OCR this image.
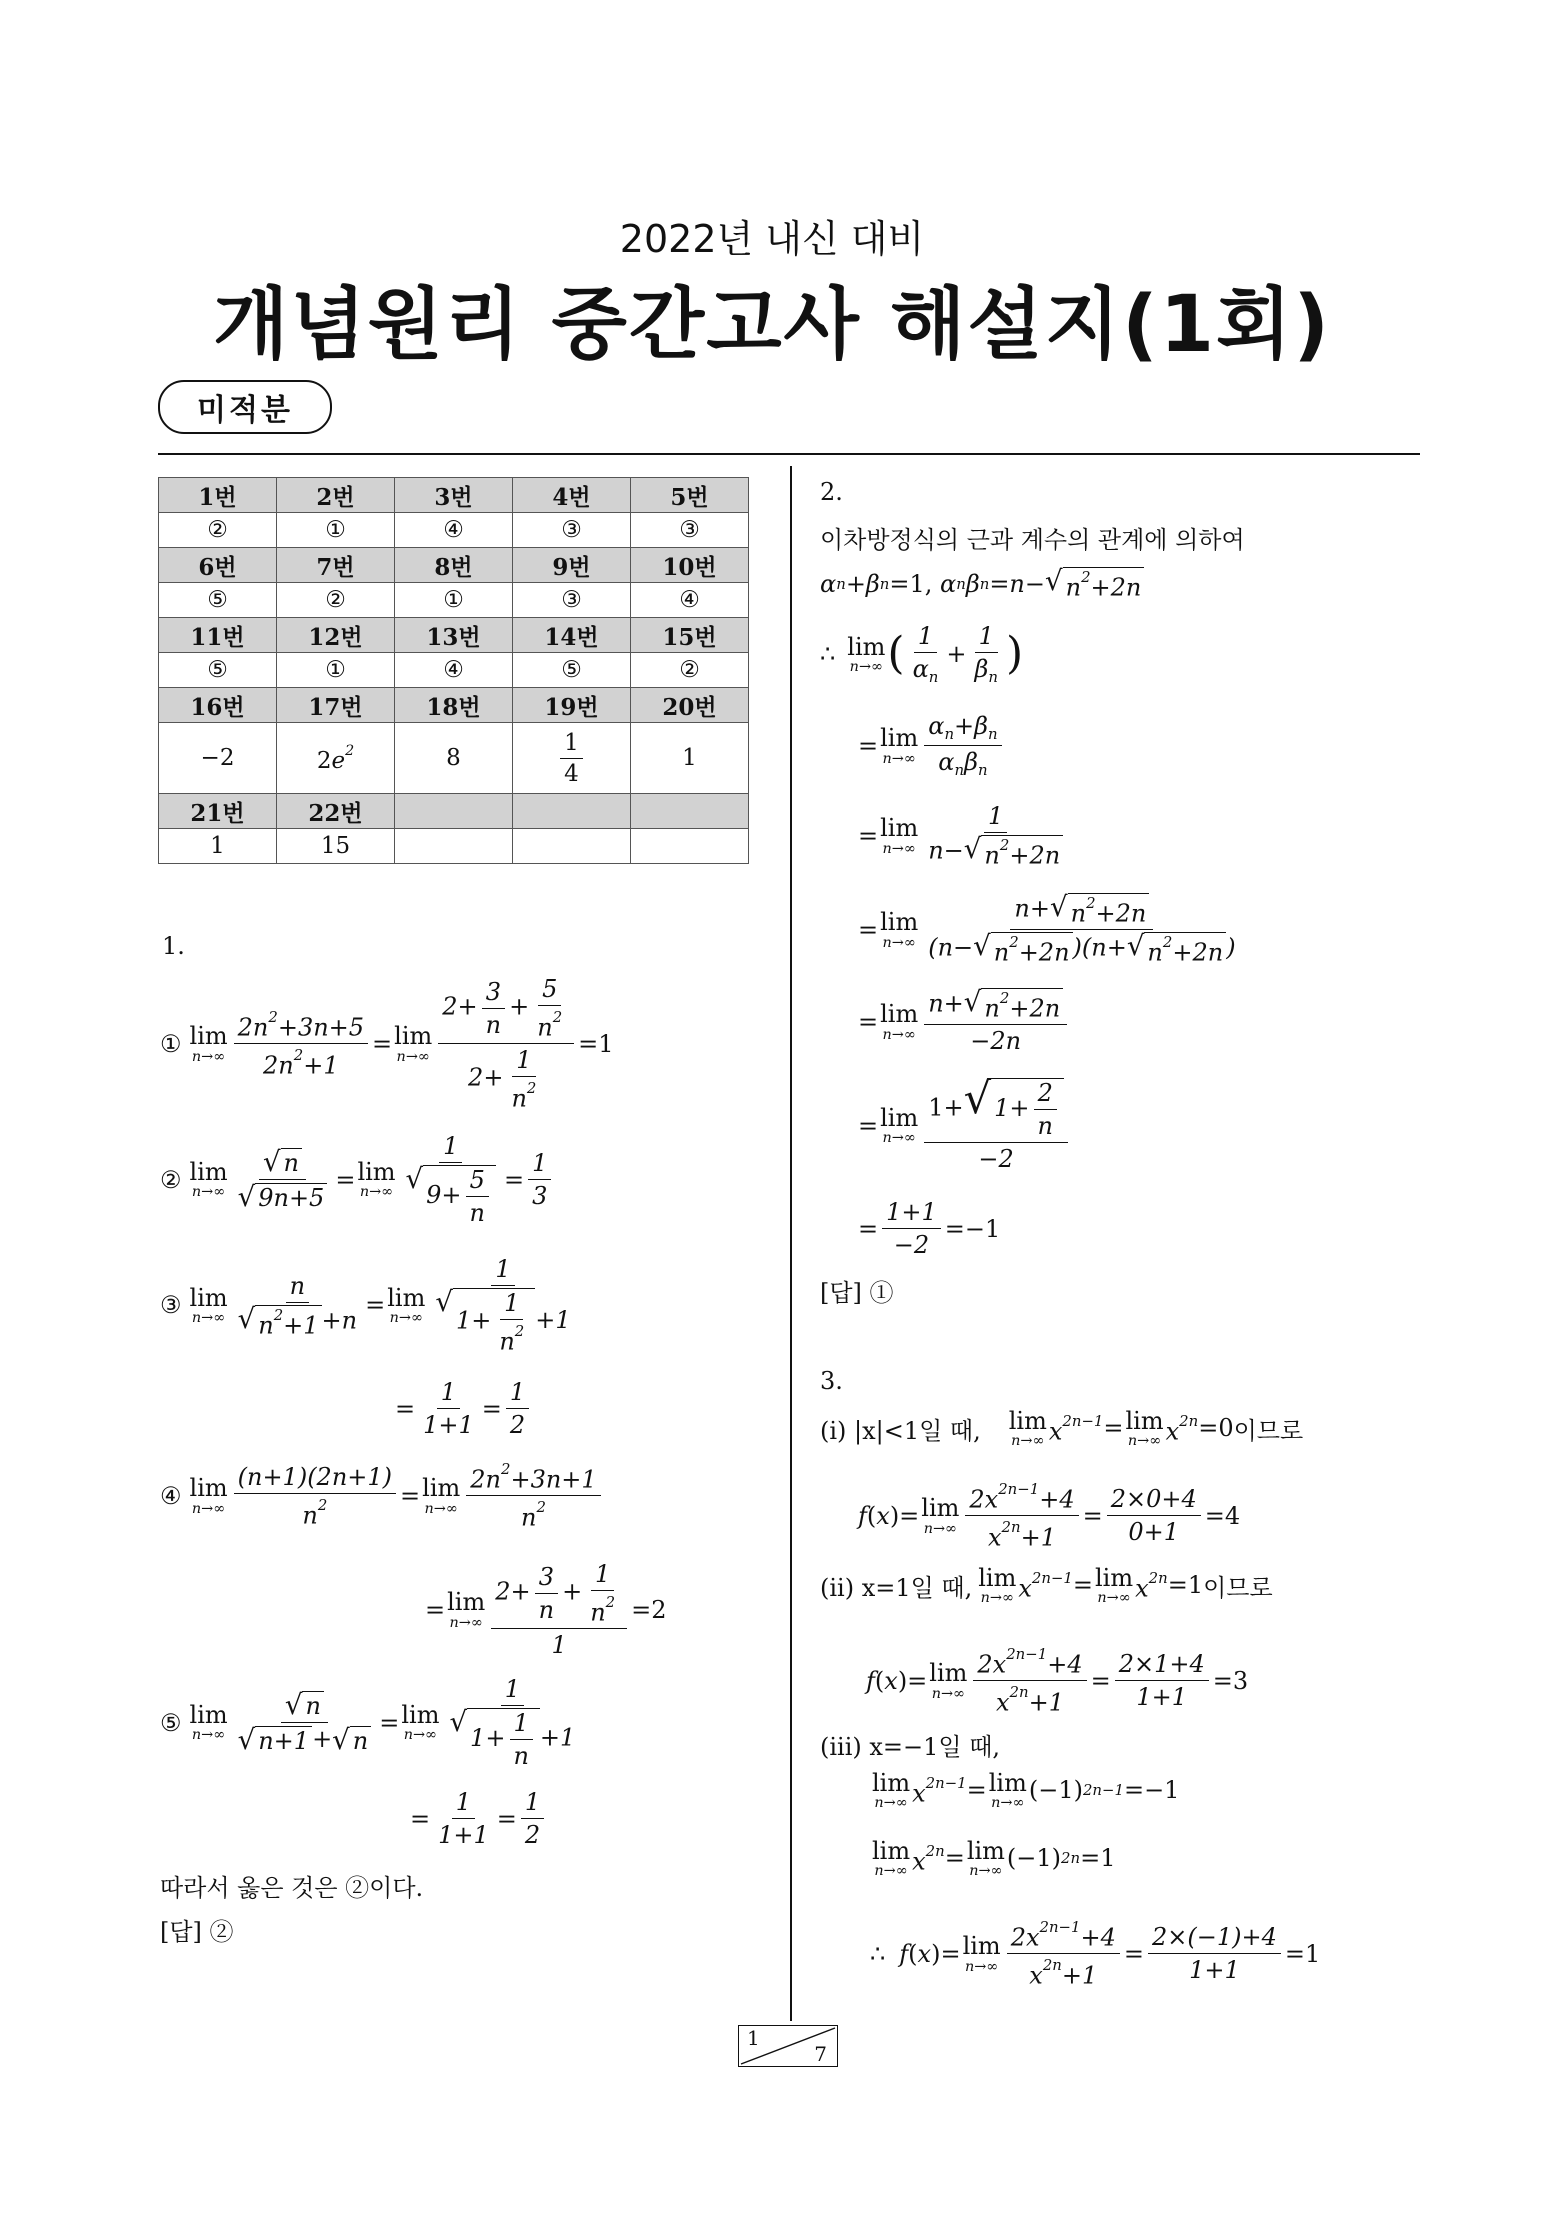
2022년 내신 대비
개념원리 중간고사 해설지(1회)
미적분
1번	2번	3번	4번	5번
②	①	④	③	③
6번	7번	8번	9번	10번
⑤	②	①	③	④
11번	12번	13번	14번	15번
⑤	①	④	⑤	②
16번	17번	18번	19번	20번
−2	$2e^2$	8	$\frac{1}{4}$	1
21번	22번			
1	15			
1.
① lim
$n\to\infty \frac{2n^2+3n+5}{2n^2+1} = \lim$
$n\to\infty \frac{2+ \frac{3}{n} + \frac{5}{n^2}}{2+ \frac{1}{n^2}} =1$
② lim
$n\to\infty \frac{√ n}{√ 9n+5} = \lim$
$n\to\infty \frac{1}{√ 9+ \frac{5}{n}} = \frac{1}{3}$
③ lim
$n\to\infty \frac{n}{√ n^2+1 +n} = \lim$
n→∞ 1
√
$1+ \frac{1}{n^2} +1$
= $\frac{1}{1+1} = \frac{1}{2}$
④ lim
$n\to\infty \frac{(n+1)(2n+1)}{n^2} = \lim$
$n\to\infty \frac{2n^2+3n+1}{n^2}$
= lim
$n\to\infty \frac{2+ \frac{3}{n} + \frac{1}{n^2}}{1} =2$
⑤ lim
$n\to\infty \frac{√ n}{√ n+1 + √ n} = \lim$
$n\to\infty \frac{1}{√ 1+ \frac{1}{n} +1}$
= $\frac{1}{1+1} = \frac{1}{2}$
따라서 옳은 것은 ②이다.
[답] ②
2.
이차방정식의 근과 계수의 관계에 의하여
α n + β n =1, α n β n = n − √ $n^2+2n$
∴ lim
n→∞ ( $\frac{1}{\alpha_n} + \frac{1}{\beta_n}$ )
= lim
$n\to\infty \frac{\alpha_n+\beta_n}{\alpha_n\beta_n}$
= lim
$n\to\infty \frac{1}{n- √ n^2+2n}$
= lim
$n\to\infty \frac{n+ √ n^2+2n}{(n- √ n^2+2n )(n+ √ n^2+2n )}$
= lim
$n\to\infty \frac{n+ √ n^2+2n}{-2n}$
= lim
$n\to\infty \frac{1+ √ 1+ \frac{2}{n}}{-2}$
= $\frac{1+1}{-2} =-1$
[답] ①
3.
(i) |x|<1일 때, lim
n→∞ $x^{2n-1} = \lim$
n→∞ $x^{2n} =0$ 이므로
f ( x )= lim
$n\to\infty \frac{2x^{2n-1}+4}{x^{2n}+1} = \frac{2\times 0+4}{0+1} =4$
(ii) x=1일 때, lim
n→∞ $x^{2n-1} = \lim$
n→∞ $x^{2n} =1$ 이므로
f ( x )= lim
$n\to\infty \frac{2x^{2n-1}+4}{x^{2n}+1} = \frac{2\times 1+4}{1+1} =3$
(iii) x=−1일 때,
lim
n→∞ $x^{2n-1} = \lim$
n→∞ (−1) 2n−1 =−1
lim
n→∞ $x^{2n} = \lim$
n→∞ (−1) 2n =1
∴ f ( x )= lim
$n\to\infty \frac{2x^{2n-1}+4}{x^{2n}+1} = \frac{2\times(-1)+4}{1+1} =1$
1
7
